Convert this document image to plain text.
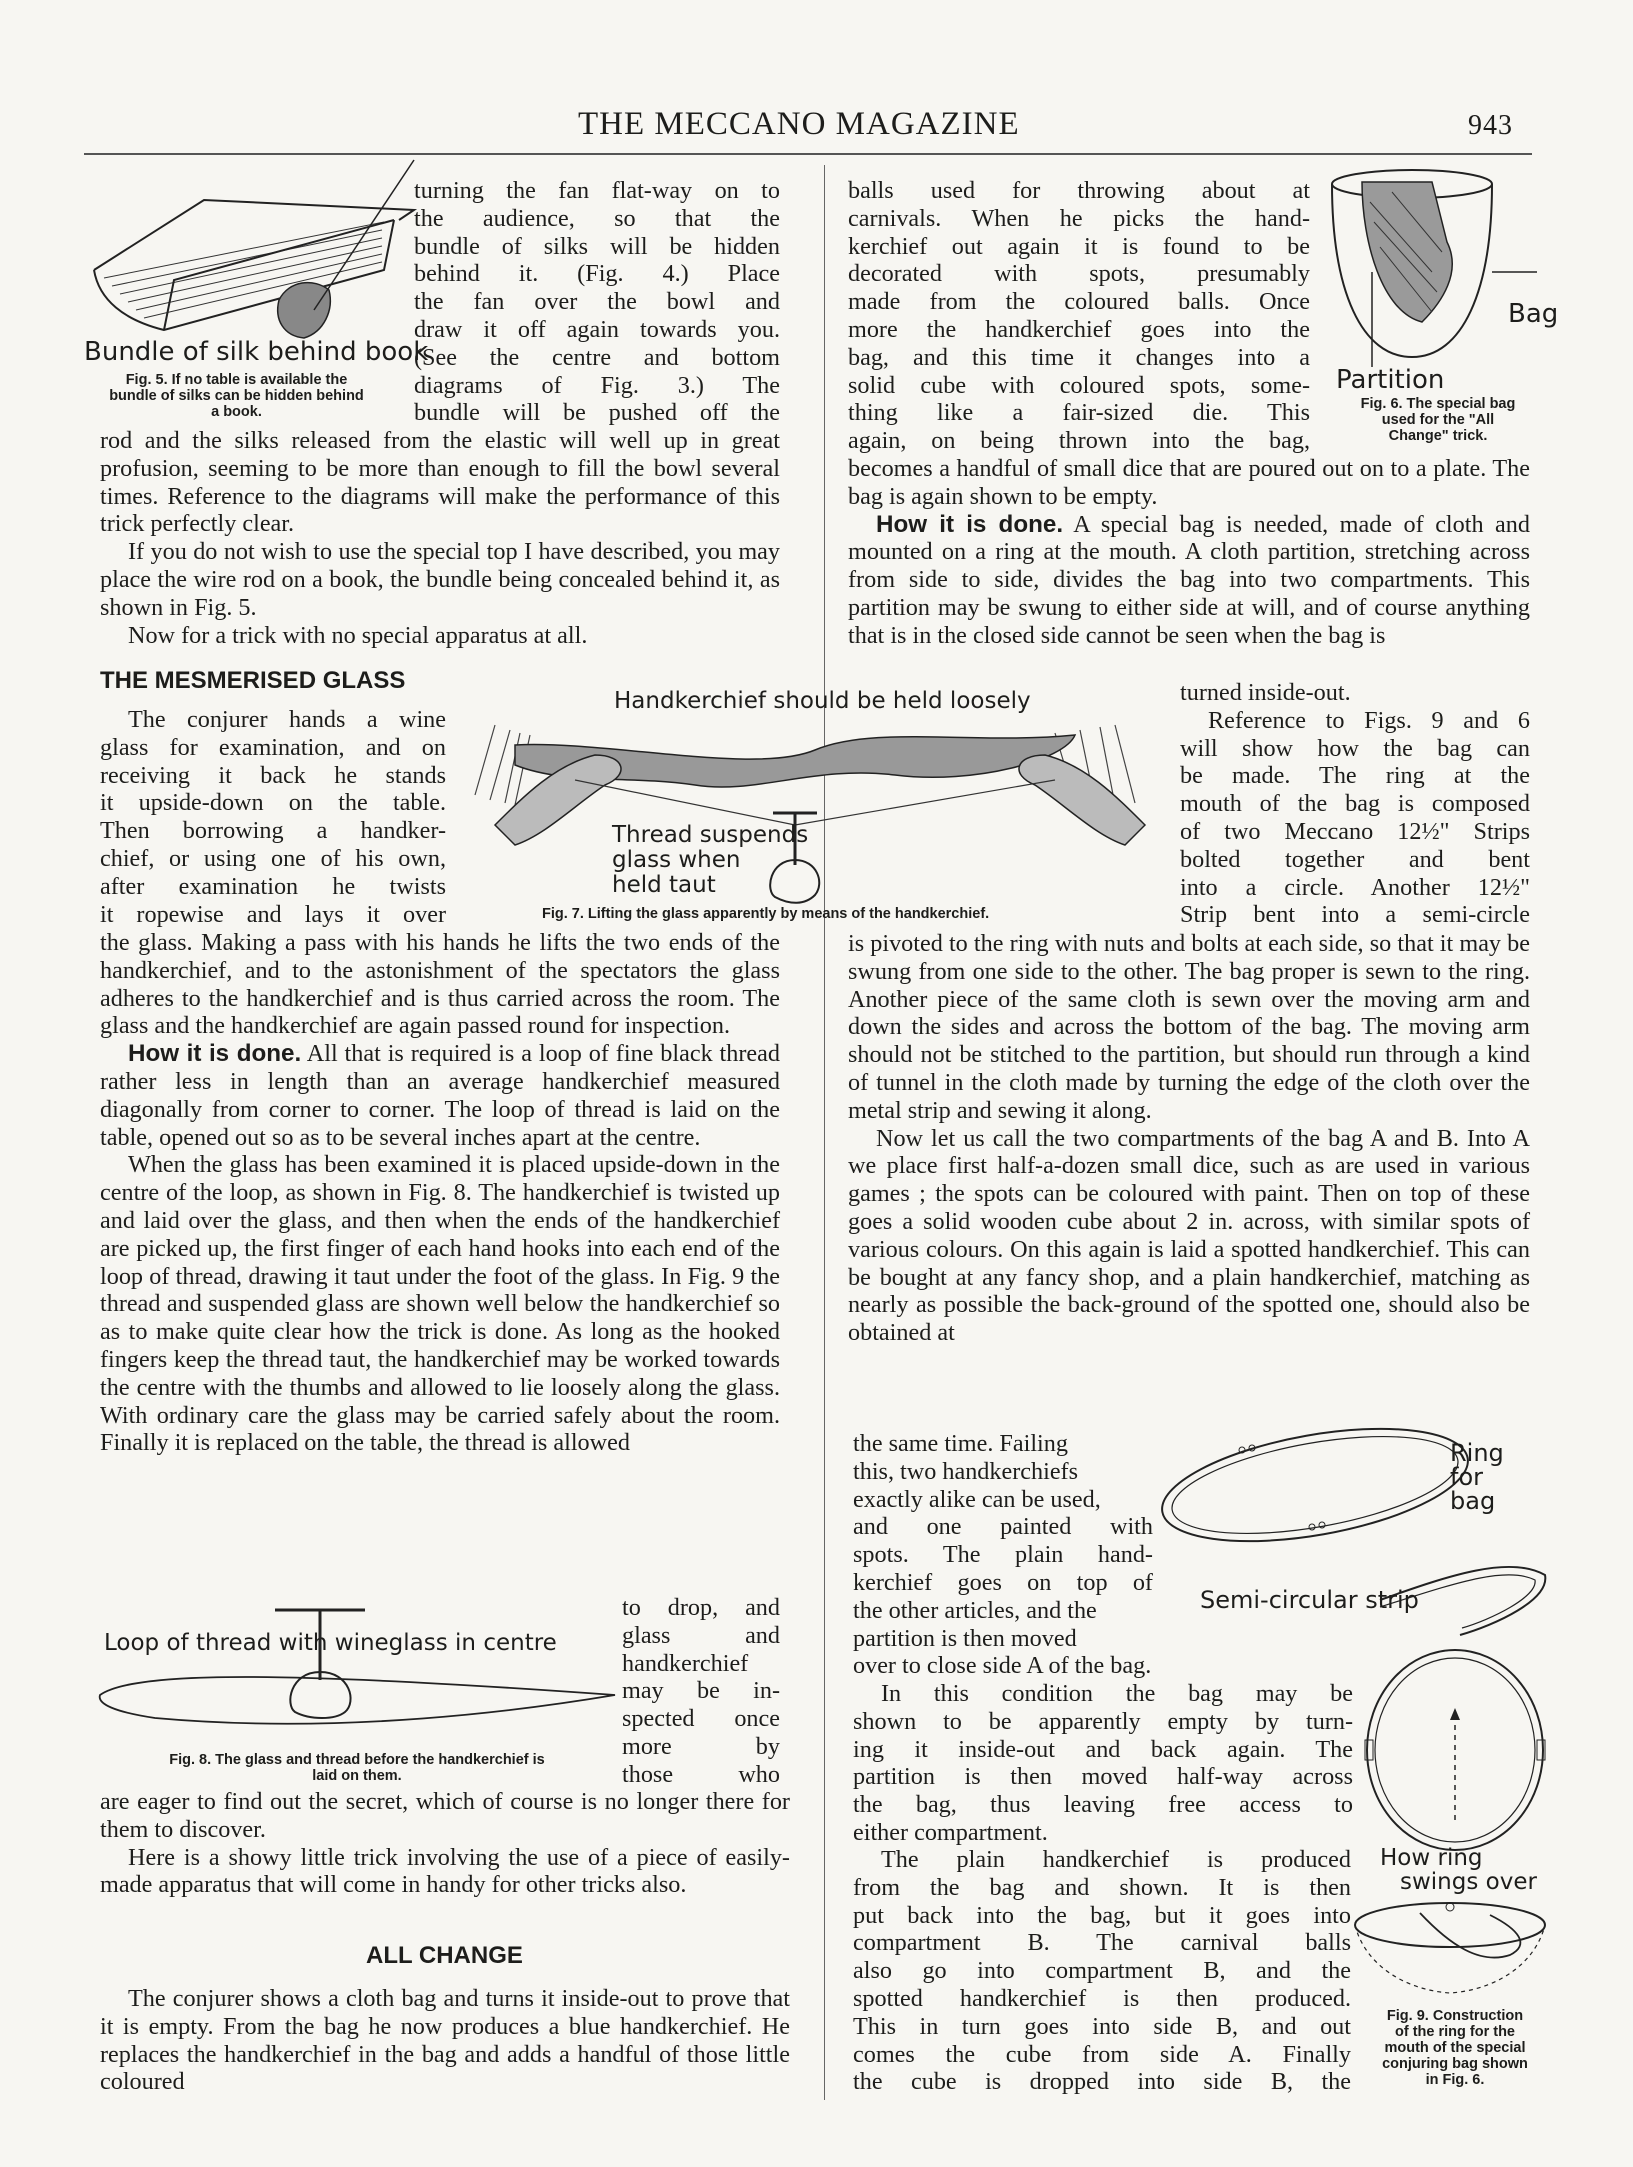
THE MECCANO MAGAZINE	943
Bundle of silk behind book
Fig. 5. If no table is available the
bundle of silks can be hidden behind
a book.
turning the fan flat-way on to
the audience, so that the
bundle of silks will be hidden
behind it. (Fig. 4.) Place
the fan over the bowl and
draw it off again towards you.
(See the centre and bottom
diagrams of Fig. 3.) The
bundle will be pushed off the

rod and the silks released from the elastic will well up in great profusion, seeming to be more than enough to fill the bowl several times. Reference to the diagrams will make the performance of this trick perfectly clear.

If you do not wish to use the special top I have described, you may place the wire rod on a book, the bundle being concealed behind it, as shown in Fig. 5.

Now for a trick with no special apparatus at all.

THE MESMERISED GLASS
The conjurer hands a wine
glass for examination, and on
receiving it back he stands
it upside-down on the table.
Then borrowing a handker-
chief, or using one of his own,
after examination he twists
it ropewise and lays it over

the glass. Making a pass with his hands he lifts the two ends of the handkerchief, and to the astonishment of the spectators the glass adheres to the handkerchief and is thus carried across the room. The glass and the handkerchief are again passed round for inspection.

How it is done. All that is required is a loop of fine black thread rather less in length than an average handkerchief measured diagonally from corner to corner. The loop of thread is laid on the table, opened out so as to be several inches apart at the centre.

When the glass has been examined it is placed upside-down in the centre of the loop, as shown in Fig. 8. The handkerchief is twisted up and laid over the glass, and then when the ends of the handkerchief are picked up, the first finger of each hand hooks into each end of the loop of thread, drawing it taut under the foot of the glass. In Fig. 9 the thread and suspended glass are shown well below the handkerchief so as to make quite clear how the trick is done. As long as the hooked fingers keep the thread taut, the handkerchief may be worked towards the centre with the thumbs and allowed to lie loosely along the glass. With ordinary care the glass may be carried safely about the room. Finally it is replaced on the table, the thread is allowed

Loop of thread with wineglass in centre
Fig. 8. The glass and thread before the handkerchief is
laid on them.
to drop, and
glass and
handkerchief
may be in-
spected once
more by
those who

are eager to find out the secret, which of course is no longer there for them to discover.

Here is a showy little trick involving the use of a piece of easily-made apparatus that will come in handy for other tricks also.

ALL CHANGE

The conjurer shows a cloth bag and turns it inside-out to prove that it is empty. From the bag he now produces a blue handkerchief. He replaces the handkerchief in the bag and adds a handful of those little coloured

Handkerchief should be held loosely
Thread suspends
glass when
held taut
Fig. 7. Lifting the glass apparently by means of the handkerchief.
balls used for throwing about at
carnivals. When he picks the hand-
kerchief out again it is found to be
decorated with spots, presumably
made from the coloured balls. Once
more the handkerchief goes into the
bag, and this time it changes into a
solid cube with coloured spots, some-
thing like a fair-sized die. This
again, on being thrown into the bag,
Bag
Partition
Fig. 6. The special bag
used for the "All
Change" trick.

becomes a handful of small dice that are poured out on to a plate. The bag is again shown to be empty.

How it is done. A special bag is needed, made of cloth and mounted on a ring at the mouth. A cloth partition, stretching across from side to side, divides the bag into two compartments. This partition may be swung to either side at will, and of course anything that is in the closed side cannot be seen when the bag is

turned inside-out.
Reference to Figs. 9 and 6
will show how the bag can
be made. The ring at the
mouth of the bag is composed
of two Meccano 12½" Strips
bolted together and bent
into a circle. Another 12½"
Strip bent into a semi-circle

is pivoted to the ring with nuts and bolts at each side, so that it may be swung from one side to the other. The bag proper is sewn to the ring. Another piece of the same cloth is sewn over the moving arm and down the sides and across the bottom of the bag. The moving arm should not be stitched to the partition, but should run through a kind of tunnel in the cloth made by turning the edge of the cloth over the metal strip and sewing it along.

Now let us call the two compartments of the bag A and B. Into A we place first half-a-dozen small dice, such as are used in various games ; the spots can be coloured with paint. Then on top of these goes a solid wooden cube about 2 in. across, with similar spots of various colours. On this again is laid a spotted handkerchief. This can be bought at any fancy shop, and a plain handkerchief, matching as nearly as possible the back-ground of the spotted one, should also be obtained at

the same time. Failing
this, two handkerchiefs
exactly alike can be used,
and one painted with
spots. The plain hand-
kerchief goes on top of
the other articles, and the
partition is then moved
over to close side A of the bag.
Ring
for
bag
Semi-circular strip
In this condition the bag may be
shown to be apparently empty by turn-
ing it inside-out and back again. The
partition is then moved half-way across
the bag, thus leaving free access to
either compartment.
How ring
swings over
The plain handkerchief is produced
from the bag and shown. It is then
put back into the bag, but it goes into
compartment B. The carnival balls
also go into compartment B, and the
spotted handkerchief is then produced.
This in turn goes into side B, and out
comes the cube from side A. Finally
the cube is dropped into side B, the
Fig. 9. Construction
of the ring for the
mouth of the special
conjuring bag shown
in Fig. 6.
